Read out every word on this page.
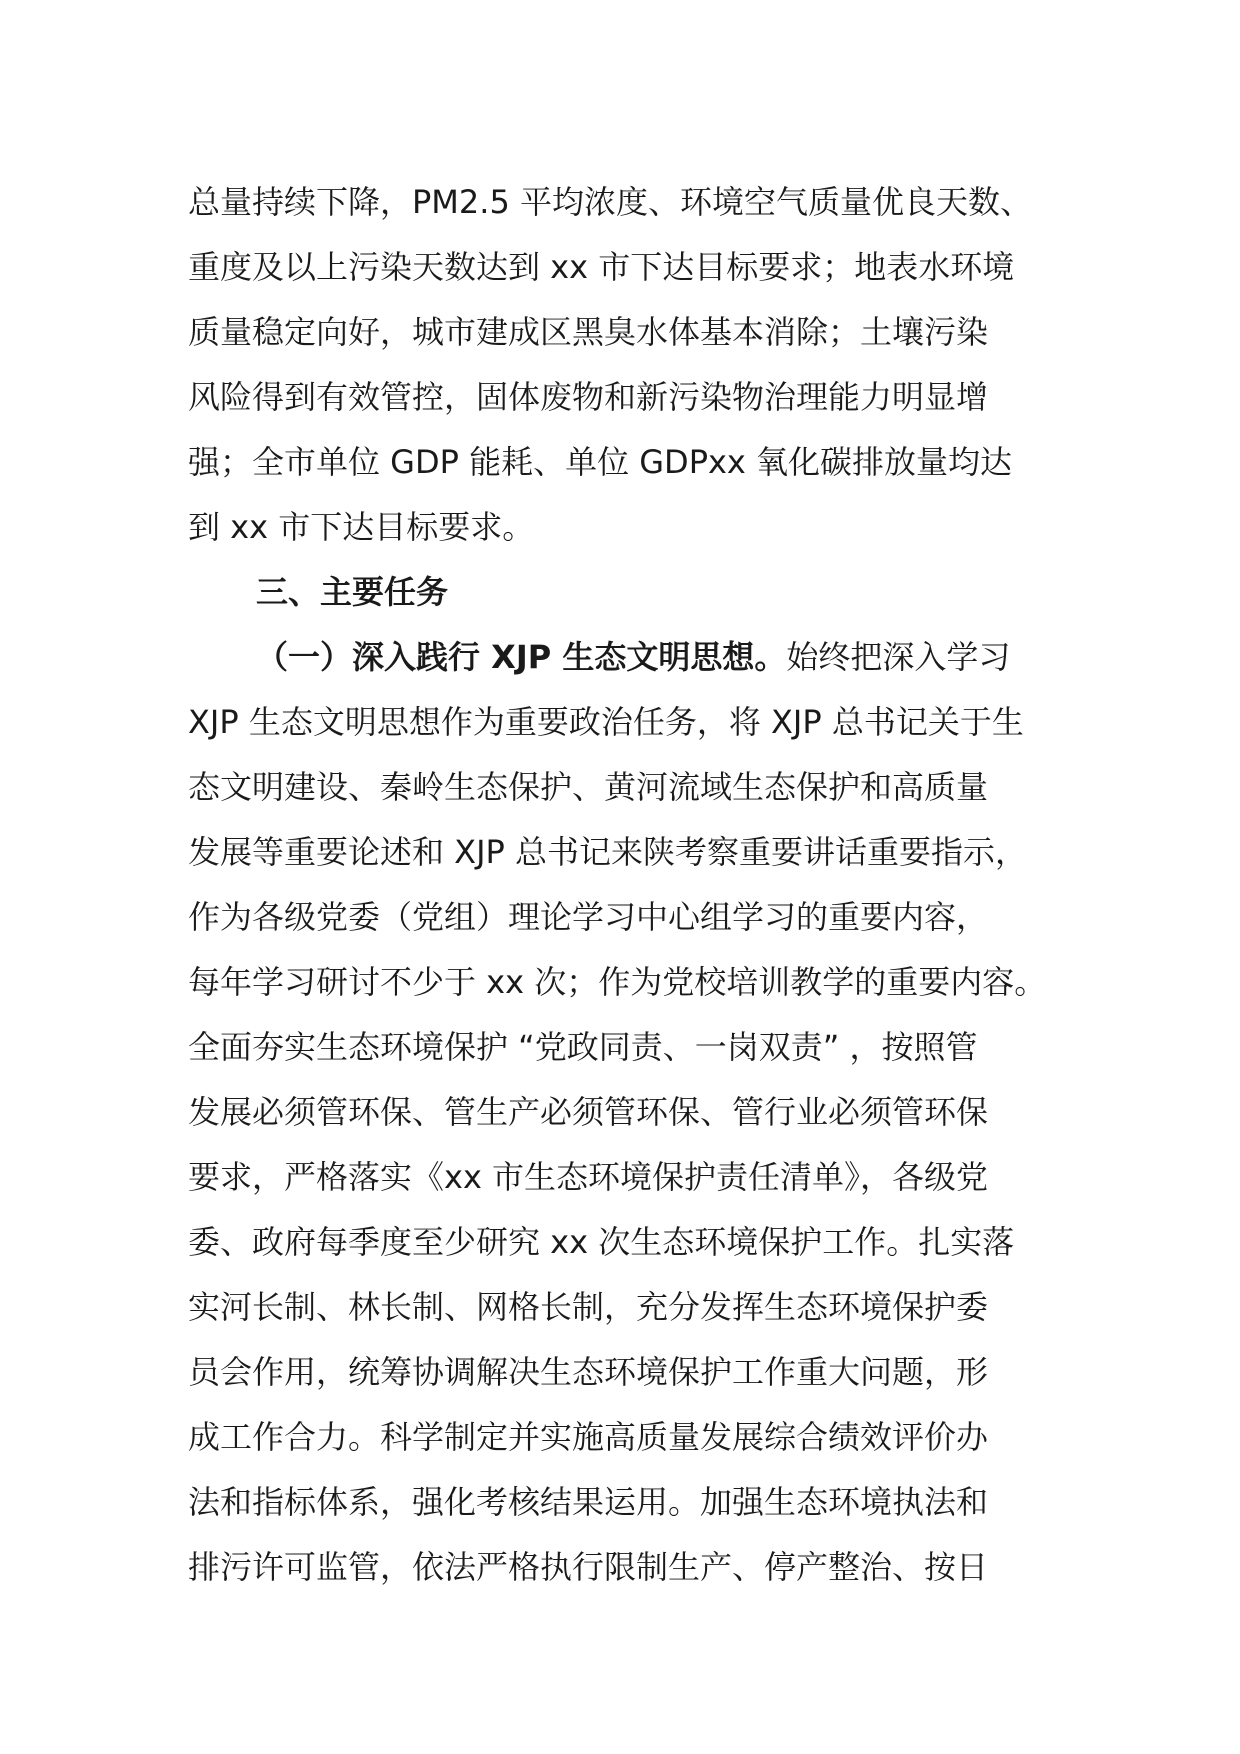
总量持续下降，PM2.5 平均浓度、环境空气质量优良天数、
重度及以上污染天数达到 xx 市下达目标要求；地表水环境
质量稳定向好，城市建成区黑臭水体基本消除；土壤污染
风险得到有效管控，固体废物和新污染物治理能力明显增
强；全市单位 GDP 能耗、单位 GDPxx 氧化碳排放量均达
到 xx 市下达目标要求。
三、主要任务
（一）深入践行 XJP 生态文明思想。始终把深入学习
XJP 生态文明思想作为重要政治任务，将 XJP 总书记关于生
态文明建设、秦岭生态保护、黄河流域生态保护和高质量
发展等重要论述和 XJP 总书记来陕考察重要讲话重要指示，
作为各级党委（党组）理论学习中心组学习的重要内容，
每年学习研讨不少于 xx 次；作为党校培训教学的重要内容。
全面夯实生态环境保护 “党政同责、一岗双责” ，按照管
发展必须管环保、管生产必须管环保、管行业必须管环保
要求，严格落实《xx 市生态环境保护责任清单》，各级党
委、政府每季度至少研究 xx 次生态环境保护工作。扎实落
实河长制、林长制、网格长制，充分发挥生态环境保护委
员会作用，统筹协调解决生态环境保护工作重大问题，形
成工作合力。科学制定并实施高质量发展综合绩效评价办
法和指标体系，强化考核结果运用。加强生态环境执法和
排污许可监管，依法严格执行限制生产、停产整治、按日
